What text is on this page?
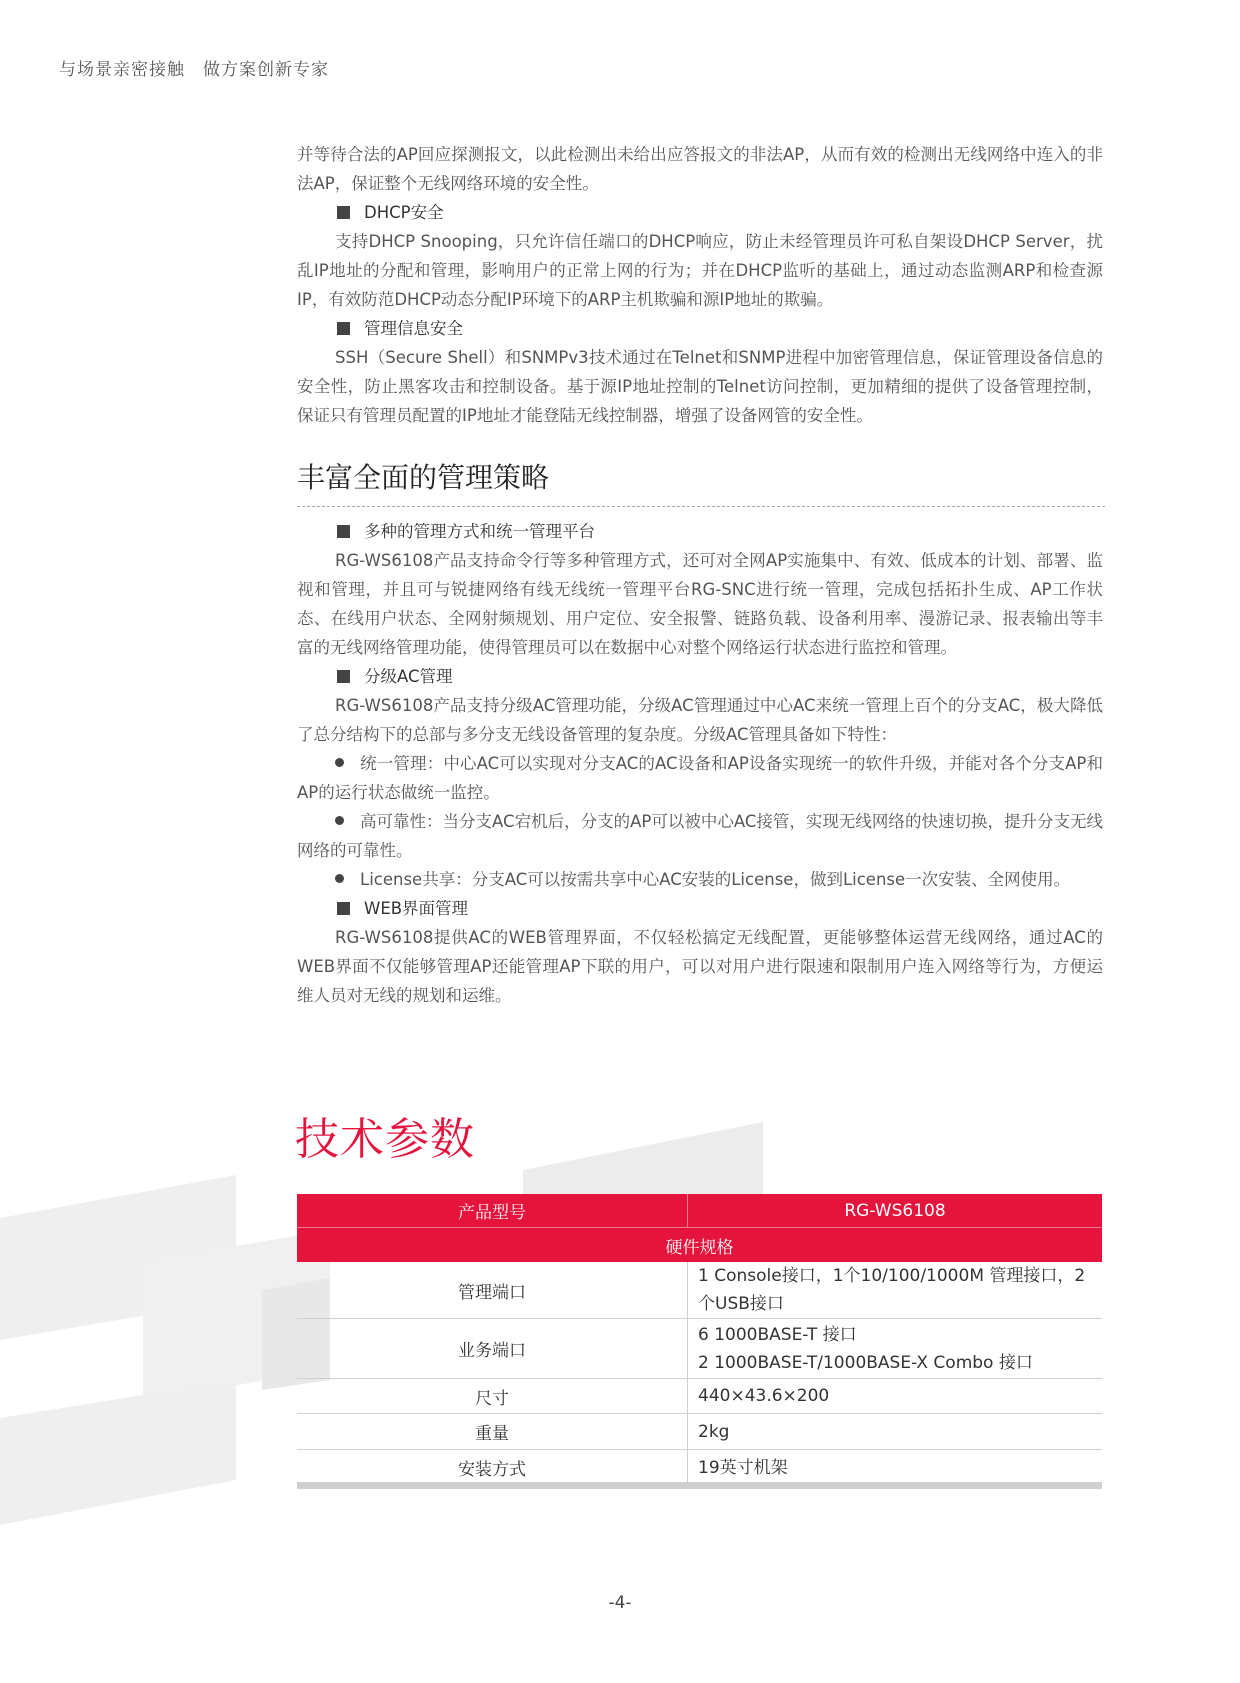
与场景亲密接触　做方案创新专家

并等待合法的AP回应探测报文，以此检测出未给出应答报文的非法AP，从而有效的检测出无线网络中连入的非法AP，保证整个无线网络环境的安全性。

DHCP安全

支持DHCP Snooping，只允许信任端口的DHCP响应，防止未经管理员许可私自架设DHCP Server，扰乱IP地址的分配和管理，影响用户的正常上网的行为；并在DHCP监听的基础上，通过动态监测ARP和检查源IP，有效防范DHCP动态分配IP环境下的ARP主机欺骗和源IP地址的欺骗。

管理信息安全

SSH（Secure Shell）和SNMPv3技术通过在Telnet和SNMP进程中加密管理信息，保证管理设备信息的安全性，防止黑客攻击和控制设备。基于源IP地址控制的Telnet访问控制，更加精细的提供了设备管理控制，保证只有管理员配置的IP地址才能登陆无线控制器，增强了设备网管的安全性。

丰富全面的管理策略
多种的管理方式和统一管理平台

RG-WS6108产品支持命令行等多种管理方式，还可对全网AP实施集中、有效、低成本的计划、部署、监视和管理，并且可与锐捷网络有线无线统一管理平台RG-SNC进行统一管理，完成包括拓扑生成、AP工作状态、在线用户状态、全网射频规划、用户定位、安全报警、链路负载、设备利用率、漫游记录、报表输出等丰富的无线网络管理功能，使得管理员可以在数据中心对整个网络运行状态进行监控和管理。

分级AC管理

RG-WS6108产品支持分级AC管理功能，分级AC管理通过中心AC来统一管理上百个的分支AC，极大降低了总分结构下的总部与多分支无线设备管理的复杂度。分级AC管理具备如下特性：

统一管理：中心AC可以实现对分支AC的AC设备和AP设备实现统一的软件升级，并能对各个分支AP和AP的运行状态做统一监控。

高可靠性：当分支AC宕机后，分支的AP可以被中心AC接管，实现无线网络的快速切换，提升分支无线网络的可靠性。

License共享：分支AC可以按需共享中心AC安装的License，做到License一次安装、全网使用。

WEB界面管理

RG-WS6108提供AC的WEB管理界面，不仅轻松搞定无线配置，更能够整体运营无线网络，通过AC的WEB界面不仅能够管理AP还能管理AP下联的用户，可以对用户进行限速和限制用户连入网络等行为，方便运维人员对无线的规划和运维。

技术参数
产品型号	RG-WS6108
硬件规格	
管理端口	1 Console接口，1个10/100/1000M 管理接口，2
个USB接口

业务端口	6 1000BASE-T 接口
2 1000BASE-T/1000BASE-X Combo 接口

尺寸	440×43.6×200
重量	2kg
安装方式	19英寸机架
-4-
